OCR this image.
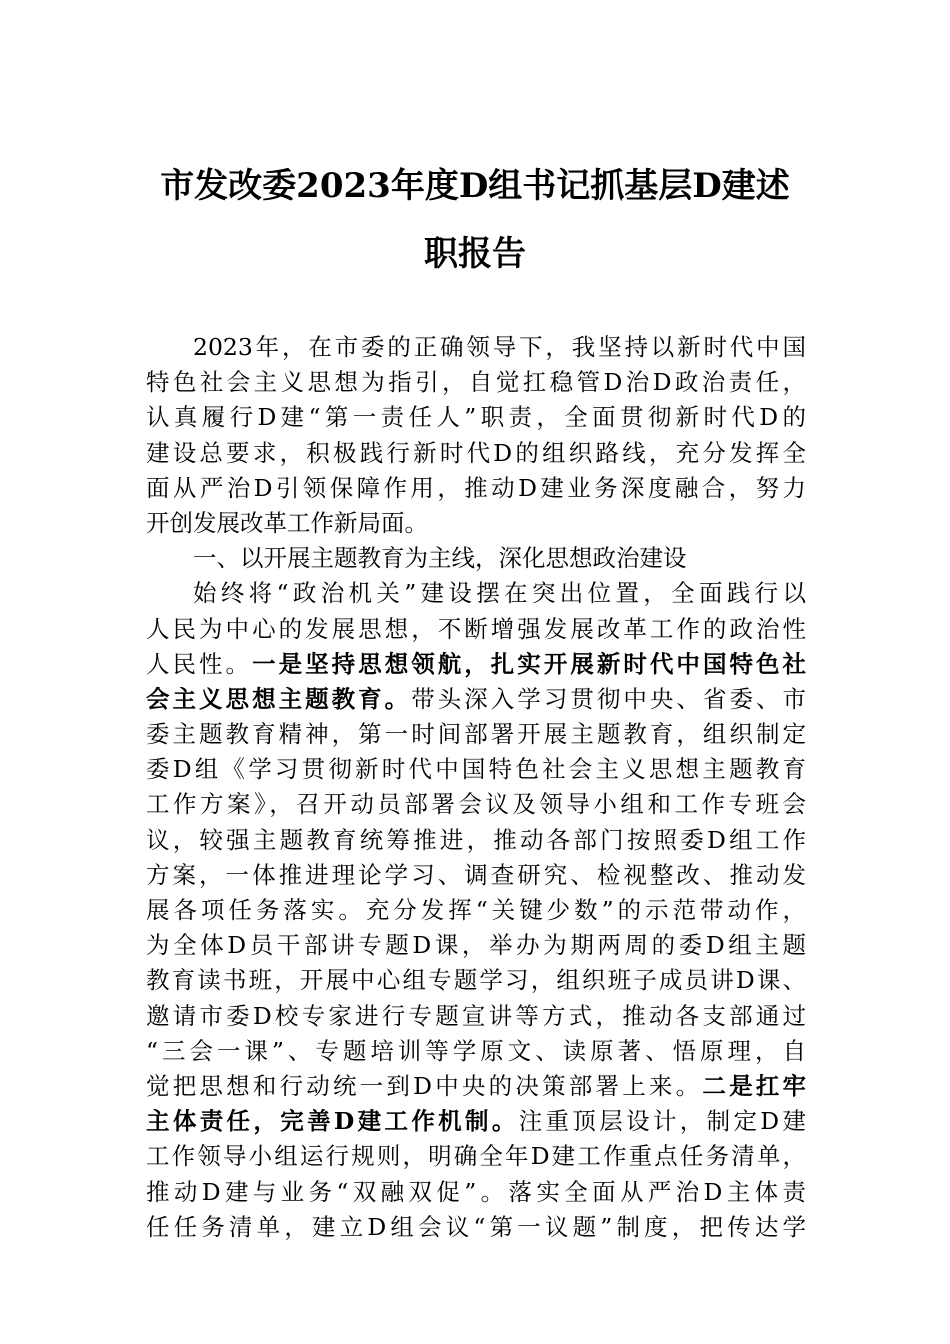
市发改委2023年度D组书记抓基层D建述
职报告
2023年，在市委的正确领导下，我坚持以新时代中国
特色社会主义思想为指引，自觉扛稳管D治D政治责任，
认真履行D建“第一责任人”职责，全面贯彻新时代D的
建设总要求，积极践行新时代D的组织路线，充分发挥全
面从严治D引领保障作用，推动D建业务深度融合，努力
开创发展改革工作新局面。
一、以开展主题教育为主线，深化思想政治建设
始终将“政治机关”建设摆在突出位置，全面践行以
人民为中心的发展思想，不断增强发展改革工作的政治性
人民性。一是坚持思想领航，扎实开展新时代中国特色社
会主义思想主题教育。带头深入学习贯彻中央、省委、市
委主题教育精神，第一时间部署开展主题教育，组织制定
委D组《学习贯彻新时代中国特色社会主义思想主题教育
工作方案》，召开动员部署会议及领导小组和工作专班会
议，较强主题教育统筹推进，推动各部门按照委D组工作
方案，一体推进理论学习、调查研究、检视整改、推动发
展各项任务落实。充分发挥“关键少数”的示范带动作，
为全体D员干部讲专题D课，举办为期两周的委D组主题
教育读书班，开展中心组专题学习，组织班子成员讲D课、
邀请市委D校专家进行专题宣讲等方式，推动各支部通过
“三会一课”、专题培训等学原文、读原著、悟原理，自
觉把思想和行动统一到D中央的决策部署上来。二是扛牢
主体责任，完善D建工作机制。注重顶层设计，制定D建
工作领导小组运行规则，明确全年D建工作重点任务清单，
推动D建与业务“双融双促”。落实全面从严治D主体责
任任务清单，建立D组会议“第一议题”制度，把传达学
